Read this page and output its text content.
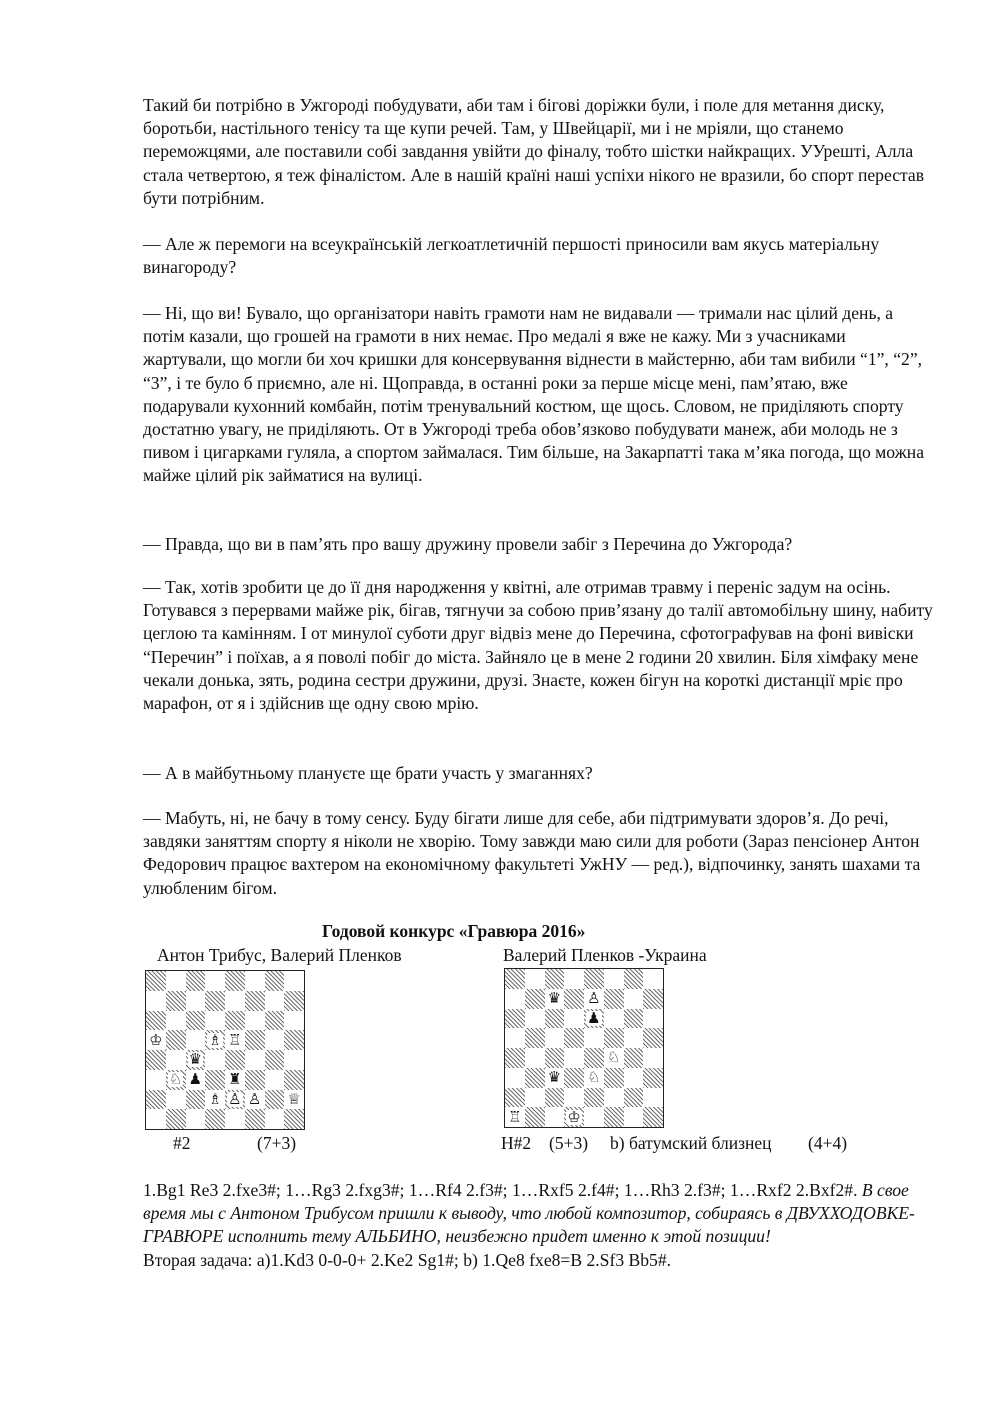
Такий би потрібно в Ужгороді побудувати, аби там і бігові доріжки були, і поле для метання диску, боротьби, настільного тенісу та ще купи речей. Там, у Швейцарії, ми і не мріяли, що станемо переможцями, але поставили собі завдання увійти до фіналу, тобто шістки найкращих. УУрешті, Алла стала четвертою, я теж фіналістом. Але в нашій країні наші успіхи нікого не вразили, бо спорт перестав бути потрібним.

— Але ж перемоги на всеукраїнській легкоатлетичній першості приносили вам якусь матеріальну винагороду?

— Ні, що ви! Бувало, що організатори навіть грамоти нам не видавали — тримали нас цілий день, а потім казали, що грошей на грамоти в них немає. Про медалі я вже не кажу. Ми з учасниками жартували, що могли би хоч кришки для консервування віднести в майстерню, аби там вибили “1”, “2”, “3”, і те було б приємно, але ні. Щоправда, в останні роки за перше місце мені, пам’ятаю, вже подарували кухонний комбайн, потім тренувальний костюм, ще щось. Словом, не приділяють спорту достатню увагу, не приділяють. От в Ужгороді треба обов’язково побудувати манеж, аби молодь не з пивом і цигарками гуляла, а спортом займалася. Тим більше, на Закарпатті така м’яка погода, що можна майже цілий рік займатися на вулиці.

— Правда, що ви в пам’ять про вашу дружину провели забіг з Перечина до Ужгорода?

— Так, хотів зробити це до її дня народження у квітні, але отримав травму і переніс задум на осінь. Готувався з перервами майже рік, бігав, тягнучи за собою прив’язану до талії автомобільну шину, набиту цеглою та камінням. І от минулої суботи друг відвіз мене до Перечина, сфотографував на фоні вивіски “Перечин” і поїхав, а я поволі побіг до міста. Зайняло це в мене 2 години 20 хвилин. Біля хімфаку мене чекали донька, зять, родина сестри дружини, друзі. Знаєте, кожен бігун на короткі дистанції мріє про марафон, от я і здійснив ще одну свою мрію.

— А в майбутньому плануєте ще брати участь у змаганнях?

— Мабуть, ні, не бачу в тому сенсу. Буду бігати лише для себе, аби підтримувати здоров’я. До речі, завдяки заняттям спорту я ніколи не хворію. Тому завжди маю сили для роботи (Зараз пенсіонер Антон Федорович працює вахтером на економічному факультеті УжНУ — ред.), відпочинку, занять шахами та улюбленим бігом.

Годовой конкурс «Гравюра 2016»

Антон Трибус, Валерий Пленков	Валерий Пленков -Украина

♔	♗ ♖
♛
♘ ♟ ♜
♗ ♙ ♙ ♕
♛ ♙
♟
♘
♛ ♘
♖	♔
#2	(7+3)	H#2 (5+3) b) батумский близнец (4+4)

1.Bg1 Re3 2.fxe3#; 1…Rg3 2.fxg3#; 1…Rf4 2.f3#; 1…Rxf5 2.f4#; 1…Rh3 2.f3#; 1…Rxf2 2.Bxf2#. В свое время мы с Антоном Трибусом пришли к выводу, что любой композитор, собираясь в ДВУХХОДОВКЕ-ГРАВЮРЕ исполнить тему АЛЬБИНО, неизбежно придет именно к этой позиции!
Вторая задача: а)1.Kd3 0-0-0+ 2.Ke2 Sg1#; b) 1.Qe8 fxe8=B 2.Sf3 Bb5#.
